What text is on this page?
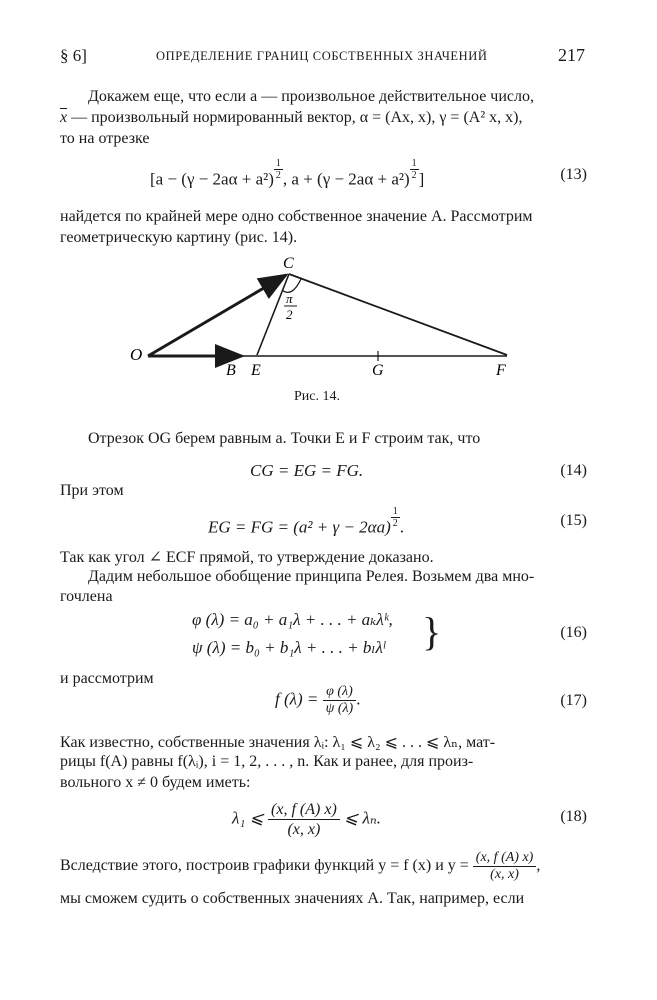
§ 6]	ОПРЕДЕЛЕНИЕ ГРАНИЦ СОБСТВЕННЫХ ЗНАЧЕНИЙ	217
Докажем еще, что если a — произвольное действительное число,
$\overline{x}$ — произвольный нормированный вектор, α = (Ax, x), γ = (A² x, x),
то на отрезке
[$a - (\gamma - 2a\alpha + a^2) \frac{1}{2}$ , $a + (\gamma - 2a\alpha + a^2) \frac{1}{2}$ ]	(13)
найдется по крайней мере одно собственное значение A. Рассмотрим
геометрическую картину (рис. 14).
O
C
B E	G	F
π
2
Рис. 14.
Отрезок OG берем равным a. Точки E и F строим так, что
CG = EG = FG.	(14)
При этом
EG = FG = $(a^2 + \gamma - 2\alpha a) \frac{1}{2}$ .	(15)
Так как угол ∠ ECF прямой, то утверждение доказано.
Дадим небольшое обобщение принципа Релея. Возьмем два мно-
гочлена
φ (λ) = a₀ + a₁λ + . . . + aₖλᵏ,
ψ (λ) = b₀ + b₁λ + . . . + bₗλˡ }	(16)
и рассмотрим
f $(\lambda) = \frac{\varphi (\lambda)}{\psi (\lambda)}$ .	(17)
Как известно, собственные значения λᵢ: λ₁ ⩽ λ₂ ⩽ . . . ⩽ λₙ, мат-
рицы f(A) равны f(λᵢ), i = 1, 2, . . . , n. Как и ранее, для произ-
вольного x ≠ 0 будем иметь:
λ₁ ⩽ $\frac{(x, f (A) x)}{(x, x)}$ ⩽ λₙ.	(18)
Вследствие этого, построив графики функций y = f (x) и $y = \frac{(x, f (A) x)}{(x, x)}$ ,
мы сможем судить о собственных значениях A. Так, например, если
